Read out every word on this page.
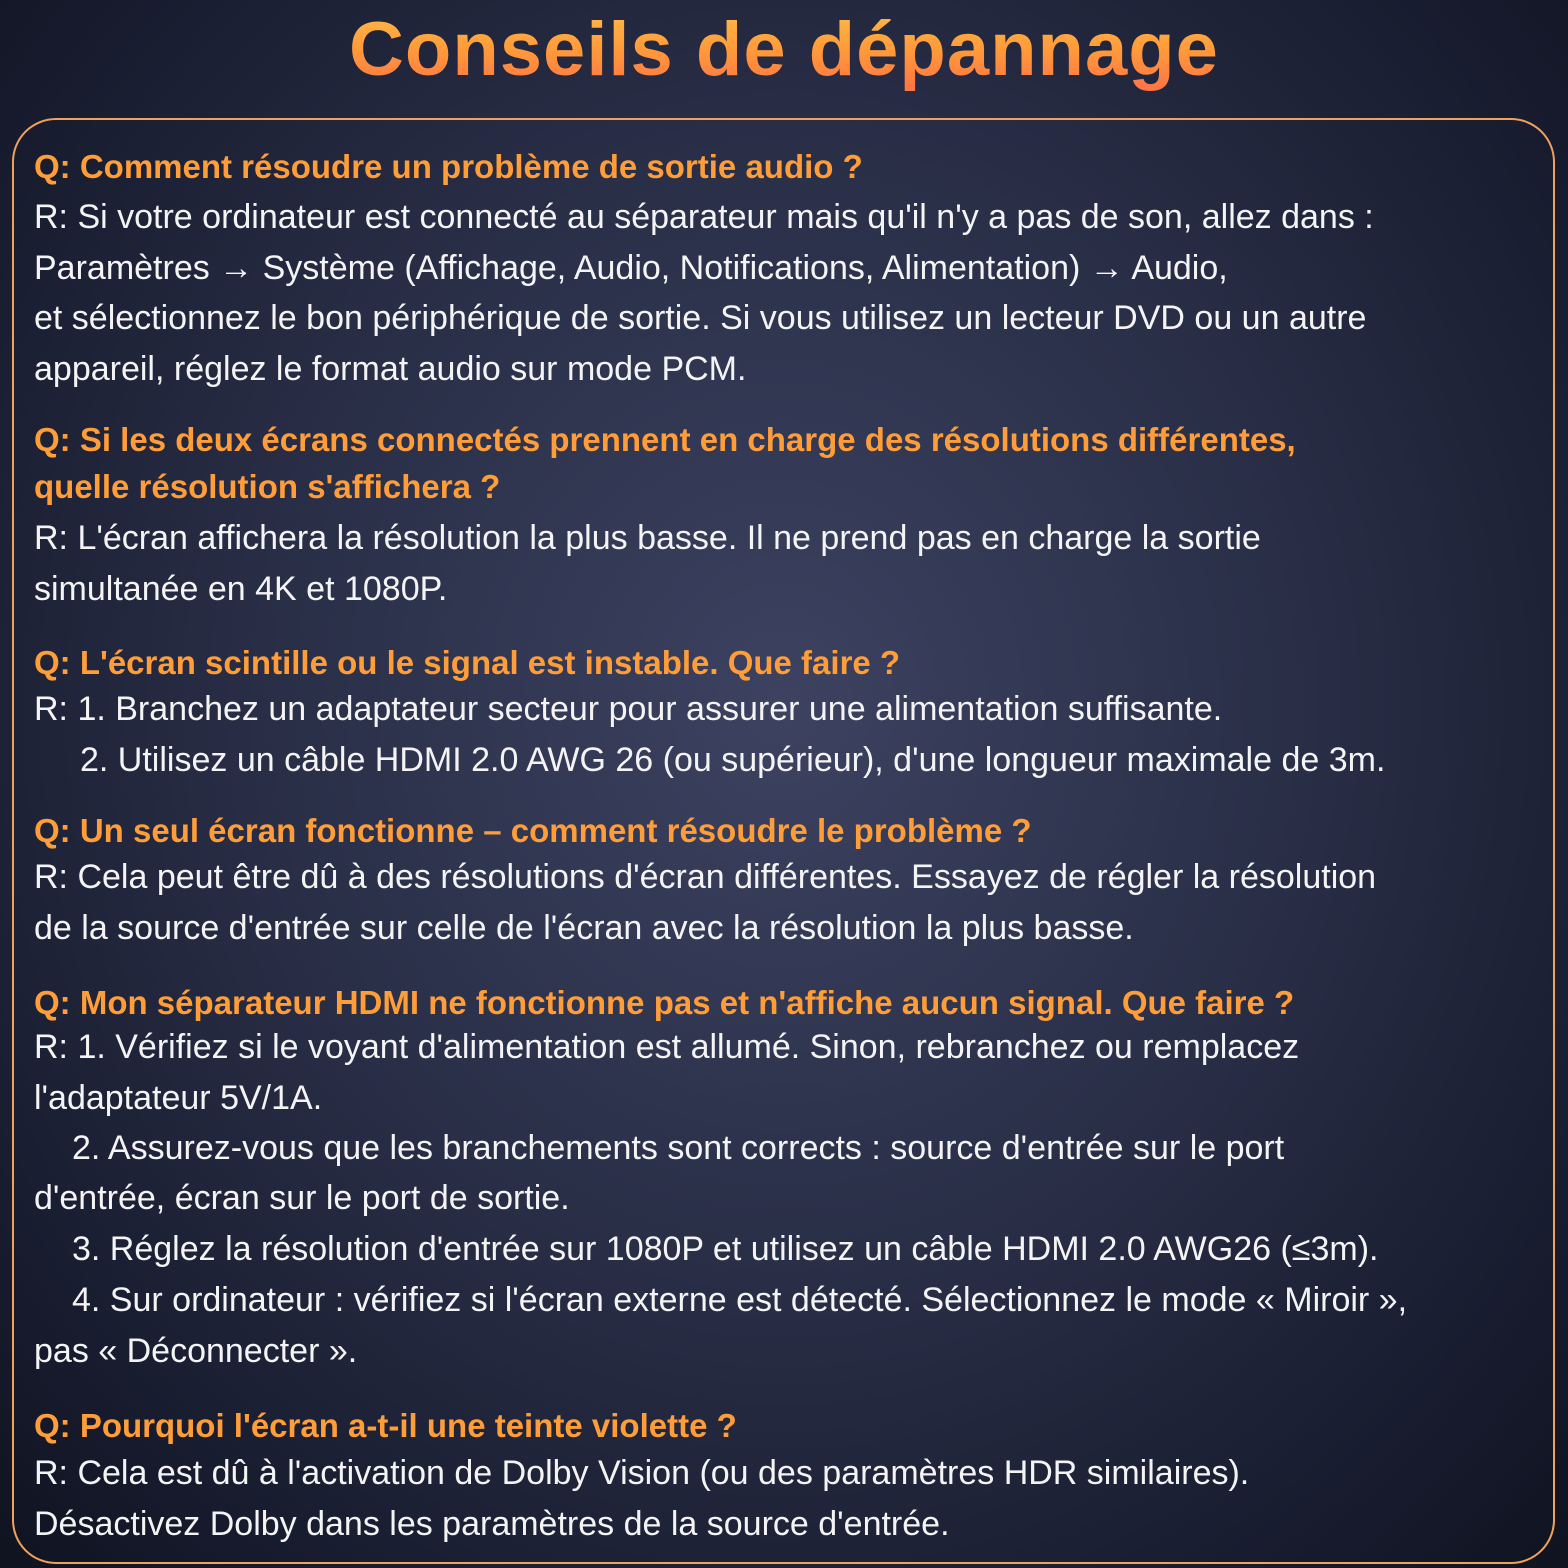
Conseils de dépannage
Q: Comment résoudre un problème de sortie audio ?
R: Si votre ordinateur est connecté au séparateur mais qu'il n'y a pas de son, allez dans :
Paramètres → Système (Affichage, Audio, Notifications, Alimentation) → Audio,
et sélectionnez le bon périphérique de sortie. Si vous utilisez un lecteur DVD ou un autre
appareil, réglez le format audio sur mode PCM.
Q: Si les deux écrans connectés prennent en charge des résolutions différentes,
quelle résolution s'affichera ?
R: L'écran affichera la résolution la plus basse. Il ne prend pas en charge la sortie
simultanée en 4K et 1080P.
Q: L'écran scintille ou le signal est instable. Que faire ?
R: 1. Branchez un adaptateur secteur pour assurer une alimentation suffisante.
2. Utilisez un câble HDMI 2.0 AWG 26 (ou supérieur), d'une longueur maximale de 3m.
Q: Un seul écran fonctionne – comment résoudre le problème ?
R: Cela peut être dû à des résolutions d'écran différentes. Essayez de régler la résolution
de la source d'entrée sur celle de l'écran avec la résolution la plus basse.
Q: Mon séparateur HDMI ne fonctionne pas et n'affiche aucun signal. Que faire ?
R: 1. Vérifiez si le voyant d'alimentation est allumé. Sinon, rebranchez ou remplacez
l'adaptateur 5V/1A.
2. Assurez-vous que les branchements sont corrects : source d'entrée sur le port
d'entrée, écran sur le port de sortie.
3. Réglez la résolution d'entrée sur 1080P et utilisez un câble HDMI 2.0 AWG26 (≤3m).
4. Sur ordinateur : vérifiez si l'écran externe est détecté. Sélectionnez le mode « Miroir »,
pas « Déconnecter ».
Q: Pourquoi l'écran a-t-il une teinte violette ?
R: Cela est dû à l'activation de Dolby Vision (ou des paramètres HDR similaires).
Désactivez Dolby dans les paramètres de la source d'entrée.
